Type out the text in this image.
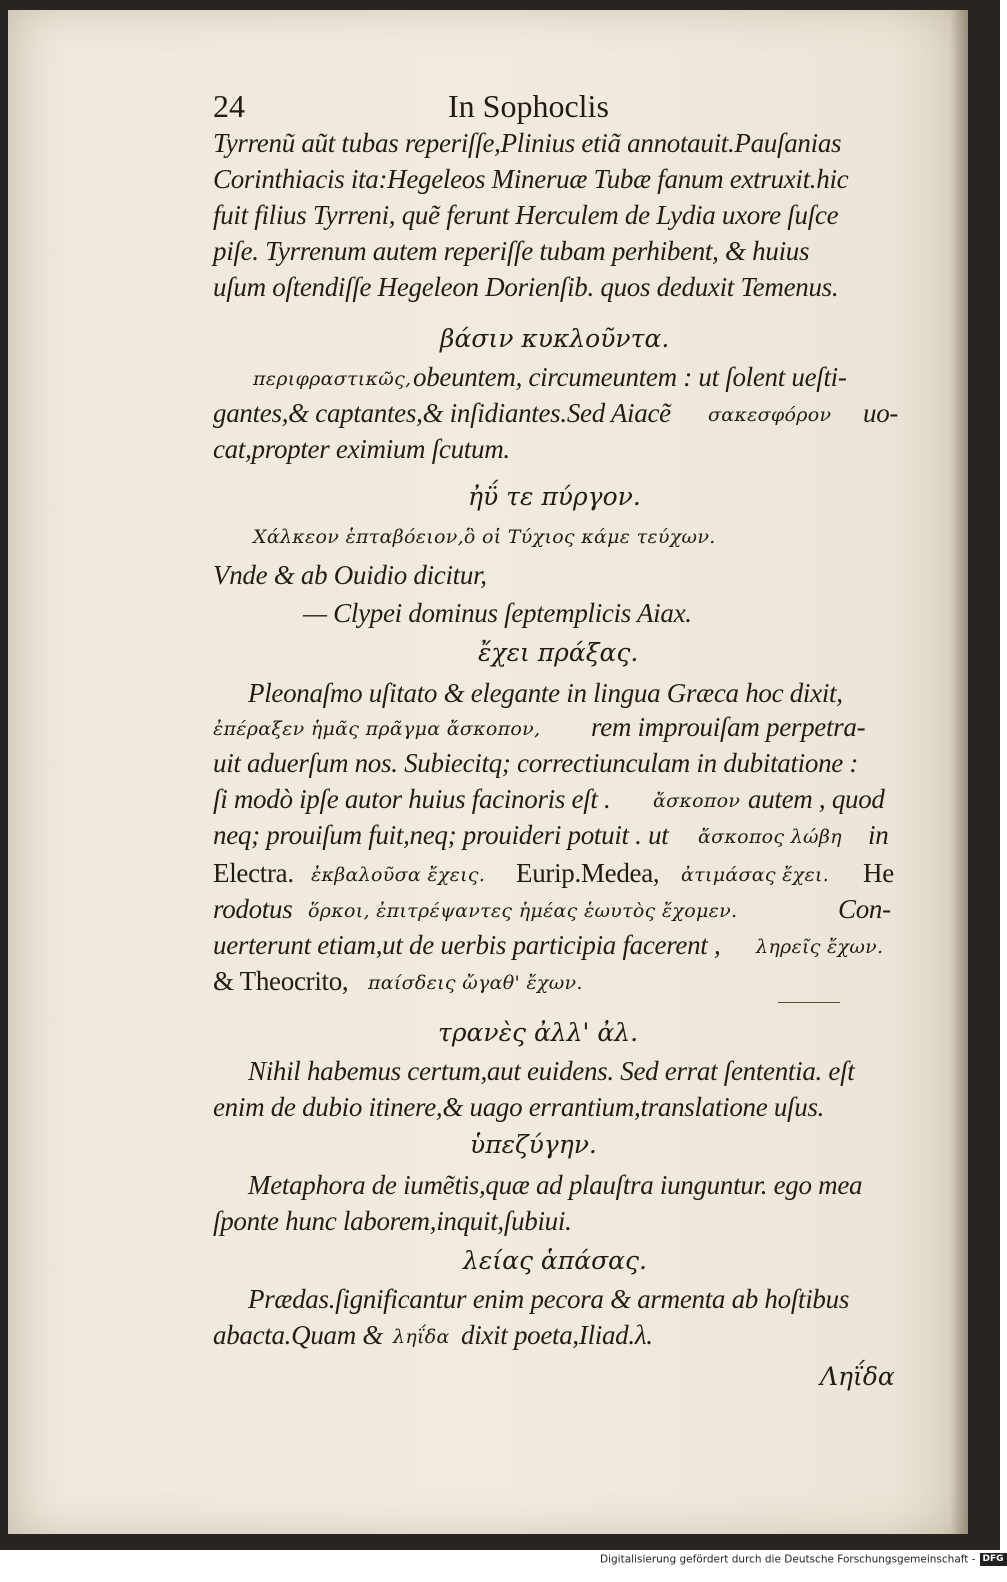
24	In Sophoclis
Tyrrenũ aũt tubas reperiſſe,Plinius etiã annotauit.Pauſanias
Corinthiacis ita:Hegeleos Mineruæ Tubæ fanum extruxit.hic
fuit filius Tyrreni, quẽ ferunt Herculem de Lydia uxore ſuſce
piſe. Tyrrenum autem reperiſſe tubam perhibent, & huius
uſum oſtendiſſe Hegeleon Dorienſib. quos deduxit Temenus.
βάσιν κυκλοῦντα.
περιφραστικῶς, obeuntem, circumeuntem : ut ſolent ueſti-
gantes,& captantes,& inſidiantes.Sed Aiacẽ σακεσφόρον uo-
cat,propter eximium ſcutum.
ἠΰ τε πύργον.
Χάλκεον ἑπταβόειον,ὃ οἱ Τύχιος κάμε τεύχων.
Vnde & ab Ouidio dicitur,
— Clypei dominus ſeptemplicis Aiax.
ἔχει πράξας.
Pleonaſmo uſitato & elegante in lingua Græca hoc dixit,
ἐπέραξεν ἡμᾶς πρᾶγμα ἄσκοπον, rem improuiſam perpetra-
uit aduerſum nos. Subiecitq; correctiunculam in dubitatione :
ſi modò ipſe autor huius facinoris eſt . ἄσκοπον autem , quod
neq; prouiſum fuit,neq; prouideri potuit . ut ἄσκοπος λώβη in
Electra. ἐκβαλοῦσα ἔχεις. Eurip.Medea, ἀτιμάσας ἔχει. He
rodotus ὅρκοι, ἐπιτρέψαντες ἡμέας ἑωυτὸς ἔχομεν.	Con-
uerterunt etiam,ut de uerbis participia facerent , ληρεῖς ἔχων.
& Theocrito, παίσδεις ὤγαθ' ἔχων.
τρανὲς ἀλλ' ἀλ.
Nihil habemus certum,aut euidens. Sed errat ſententia. eſt
enim de dubio itinere,& uago errantium,translatione uſus.
ὑπεζύγην.
Metaphora de iumẽtis,quæ ad plauſtra iunguntur. ego mea
ſponte hunc laborem,inquit,ſubiui.
λείας ἁπάσας.
Prædas.ſignificantur enim pecora & armenta ab hoſtibus
abacta.Quam & ληΐδα dixit poeta,Iliad.λ.
Ληΐδα
Digitalisierung gefördert durch die Deutsche Forschungsgemeinschaft - DFG
